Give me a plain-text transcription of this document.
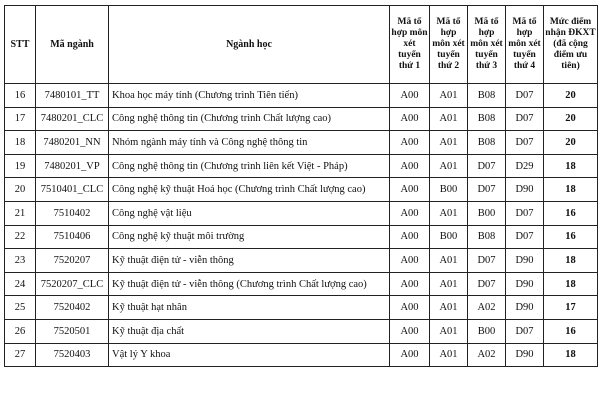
STT	Mã ngành	Ngành học	Mã tổ hợp môn xét tuyển thứ 1	Mã tổ hợp môn xét tuyển thứ 2	Mã tổ hợp môn xét tuyển thứ 3	Mã tổ hợp môn xét tuyển thứ 4	Mức điểm nhận ĐKXT (đã cộng điểm ưu tiên)
16	7480101_TT	Khoa học máy tính (Chương trình Tiên tiến)	A00	A01	B08	D07	20
17	7480201_CLC	Công nghệ thông tin (Chương trình Chất lượng cao)	A00	A01	B08	D07	20
18	7480201_NN	Nhóm ngành máy tính và Công nghệ thông tin	A00	A01	B08	D07	20
19	7480201_VP	Công nghệ thông tin (Chương trình liên kết Việt - Pháp)	A00	A01	D07	D29	18
20	7510401_CLC	Công nghệ kỹ thuật Hoá học (Chương trình Chất lượng cao)	A00	B00	D07	D90	18
21	7510402	Công nghệ vật liệu	A00	A01	B00	D07	16
22	7510406	Công nghệ kỹ thuật môi trường	A00	B00	B08	D07	16
23	7520207	Kỹ thuật điện tử - viễn thông	A00	A01	D07	D90	18
24	7520207_CLC	Kỹ thuật điện tử - viễn thông (Chương trình Chất lượng cao)	A00	A01	D07	D90	18
25	7520402	Kỹ thuật hạt nhân	A00	A01	A02	D90	17
26	7520501	Kỹ thuật địa chất	A00	A01	B00	D07	16
27	7520403	Vật lý Y khoa	A00	A01	A02	D90	18
